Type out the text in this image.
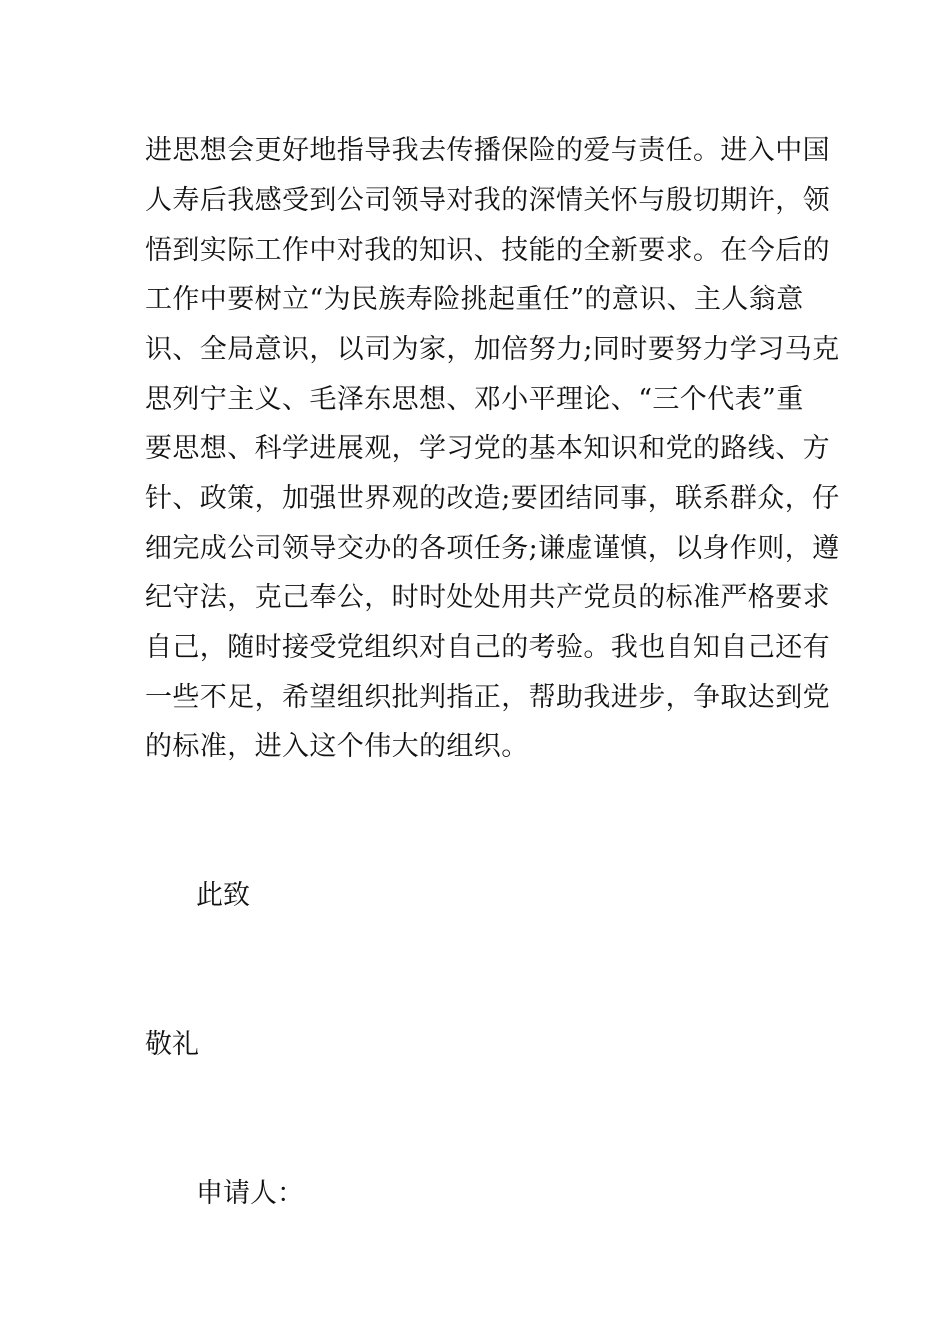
进思想会更好地指导我去传播保险的爱与责任。进入中国
人寿后我感受到公司领导对我的深情关怀与殷切期许，领
悟到实际工作中对我的知识、技能的全新要求。在今后的
工作中要树立“为民族寿险挑起重任”的意识、主人翁意
识、全局意识，以司为家，加倍努力;同时要努力学习马克
思列宁主义、毛泽东思想、邓小平理论、“三个代表”重
要思想、科学进展观，学习党的基本知识和党的路线、方
针、政策，加强世界观的改造;要团结同事，联系群众，仔
细完成公司领导交办的各项任务;谦虚谨慎，以身作则，遵
纪守法，克己奉公，时时处处用共产党员的标准严格要求
自己，随时接受党组织对自己的考验。我也自知自己还有
一些不足，希望组织批判指正，帮助我进步，争取达到党
的标准，进入这个伟大的组织。
此致
敬礼
申请人：
